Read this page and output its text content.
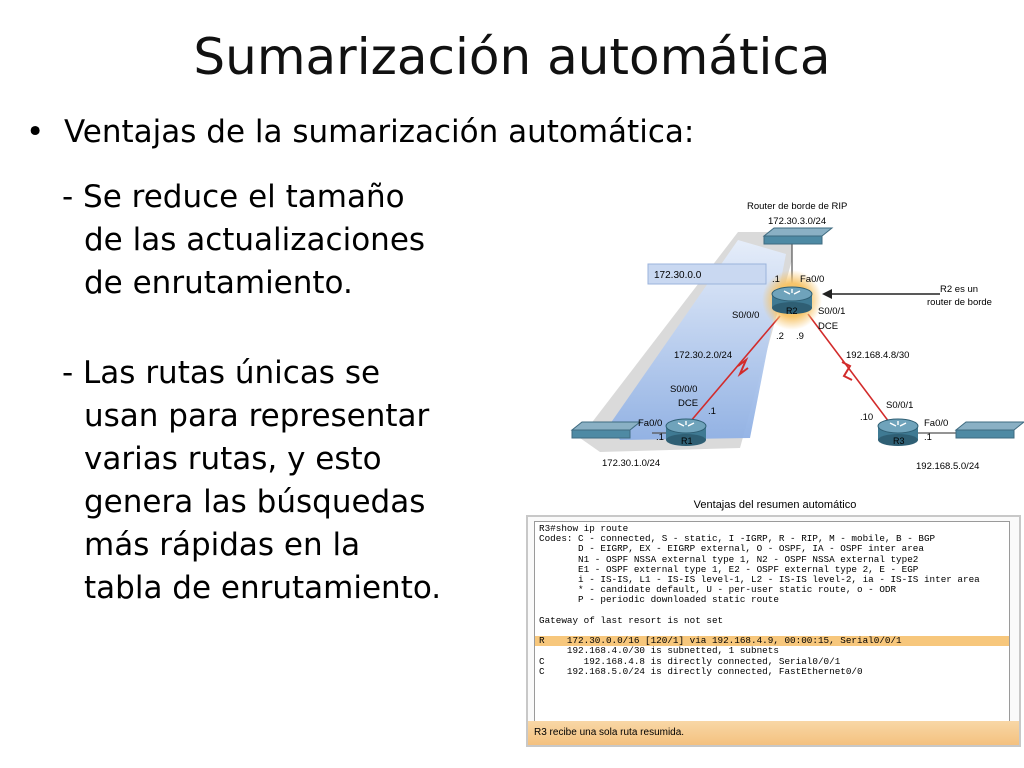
Sumarización automática
• Ventajas de la sumarización automática:
- Se reduce el tamaño
de las actualizaciones
de enrutamiento.
- Las rutas únicas se
usan para representar
varias rutas, y esto
genera las búsquedas
más rápidas en la
tabla de enrutamiento.
172.30.0.0
R2
R1	R3
Router de borde de RIP
172.30.3.0/24
.1 Fa0/0
R2 es un
router de borde
S0/0/0	S0/0/1
DCE
.2 .9
172.30.2.0/24	192.168.4.8/30
S0/0/0
DCE
.1
Fa0/0
.1
172.30.1.0/24
S0/0/1
.10
Fa0/0
.1
192.168.5.0/24
Ventajas del resumen automático
R3#show ip route
Codes: C - connected, S - static, I -IGRP, R - RIP, M - mobile, B - BGP
D - EIGRP, EX - EIGRP external, O - OSPF, IA - OSPF inter area
N1 - OSPF NSSA external type 1, N2 - OSPF NSSA external type2
E1 - OSPF external type 1, E2 - OSPF external type 2, E - EGP
i - IS-IS, L1 - IS-IS level-1, L2 - IS-IS level-2, ia - IS-IS inter area
* - candidate default, U - per-user static route, o - ODR
P - periodic downloaded static route

Gateway of last resort is not set

R    172.30.0.0/16 [120/1] via 192.168.4.9, 00:00:15, Serial0/0/1
192.168.4.0/30 is subnetted, 1 subnets
C       192.168.4.8 is directly connected, Serial0/0/1
C    192.168.5.0/24 is directly connected, FastEthernet0/0
R3 recibe una sola ruta resumida.
